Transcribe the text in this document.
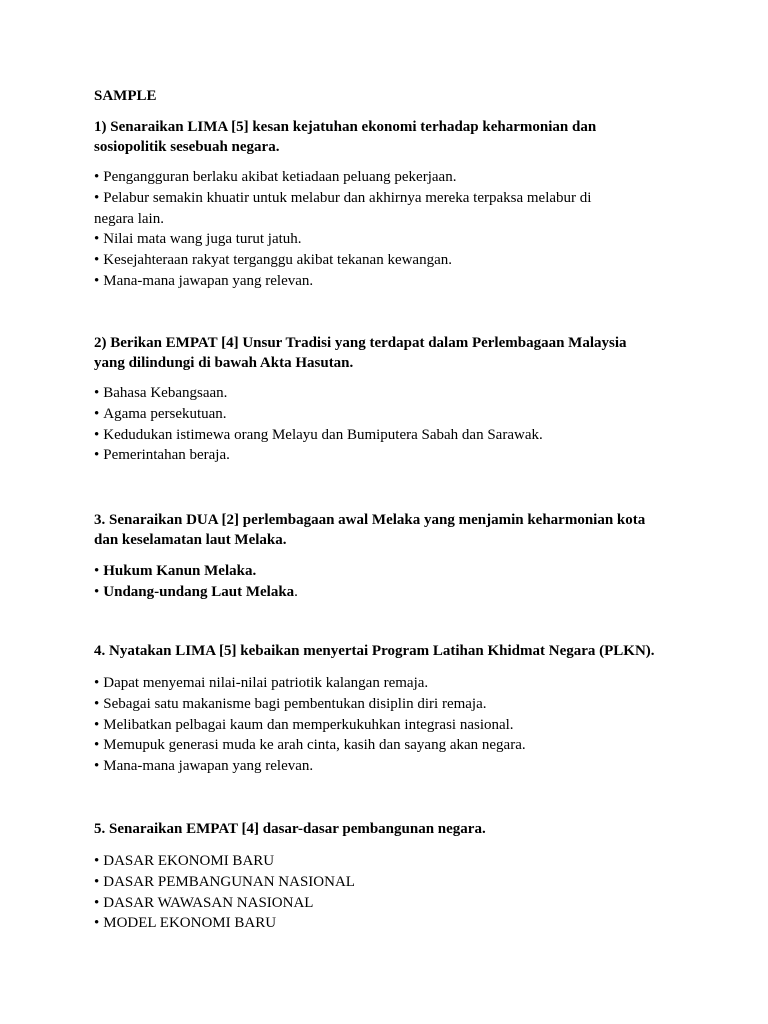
SAMPLE

1) Senaraikan LIMA [5] kesan kejatuhan ekonomi terhadap keharmonian dan
sosiopolitik sesebuah negara.

• Pengangguran berlaku akibat ketiadaan peluang pekerjaan.
• Pelabur semakin khuatir untuk melabur dan akhirnya mereka terpaksa melabur di negara lain.
• Nilai mata wang juga turut jatuh.
• Kesejahteraan rakyat terganggu akibat tekanan kewangan.
• Mana-mana jawapan yang relevan.

2) Berikan EMPAT [4] Unsur Tradisi yang terdapat dalam Perlembagaan Malaysia
yang dilindungi di bawah Akta Hasutan.

• Bahasa Kebangsaan.
• Agama persekutuan.
• Kedudukan istimewa orang Melayu dan Bumiputera Sabah dan Sarawak.
• Pemerintahan beraja.

3. Senaraikan DUA [2] perlembagaan awal Melaka yang menjamin keharmonian kota
dan keselamatan laut Melaka.

• Hukum Kanun Melaka.
• Undang-undang Laut Melaka.

4. Nyatakan LIMA [5] kebaikan menyertai Program Latihan Khidmat Negara (PLKN).

• Dapat menyemai nilai-nilai patriotik kalangan remaja.
• Sebagai satu makanisme bagi pembentukan disiplin diri remaja.
• Melibatkan pelbagai kaum dan memperkukuhkan integrasi nasional.
• Memupuk generasi muda ke arah cinta, kasih dan sayang akan negara.
• Mana-mana jawapan yang relevan.

5. Senaraikan EMPAT [4] dasar-dasar pembangunan negara.

• DASAR EKONOMI BARU
• DASAR PEMBANGUNAN NASIONAL
• DASAR WAWASAN NASIONAL
• MODEL EKONOMI BARU
